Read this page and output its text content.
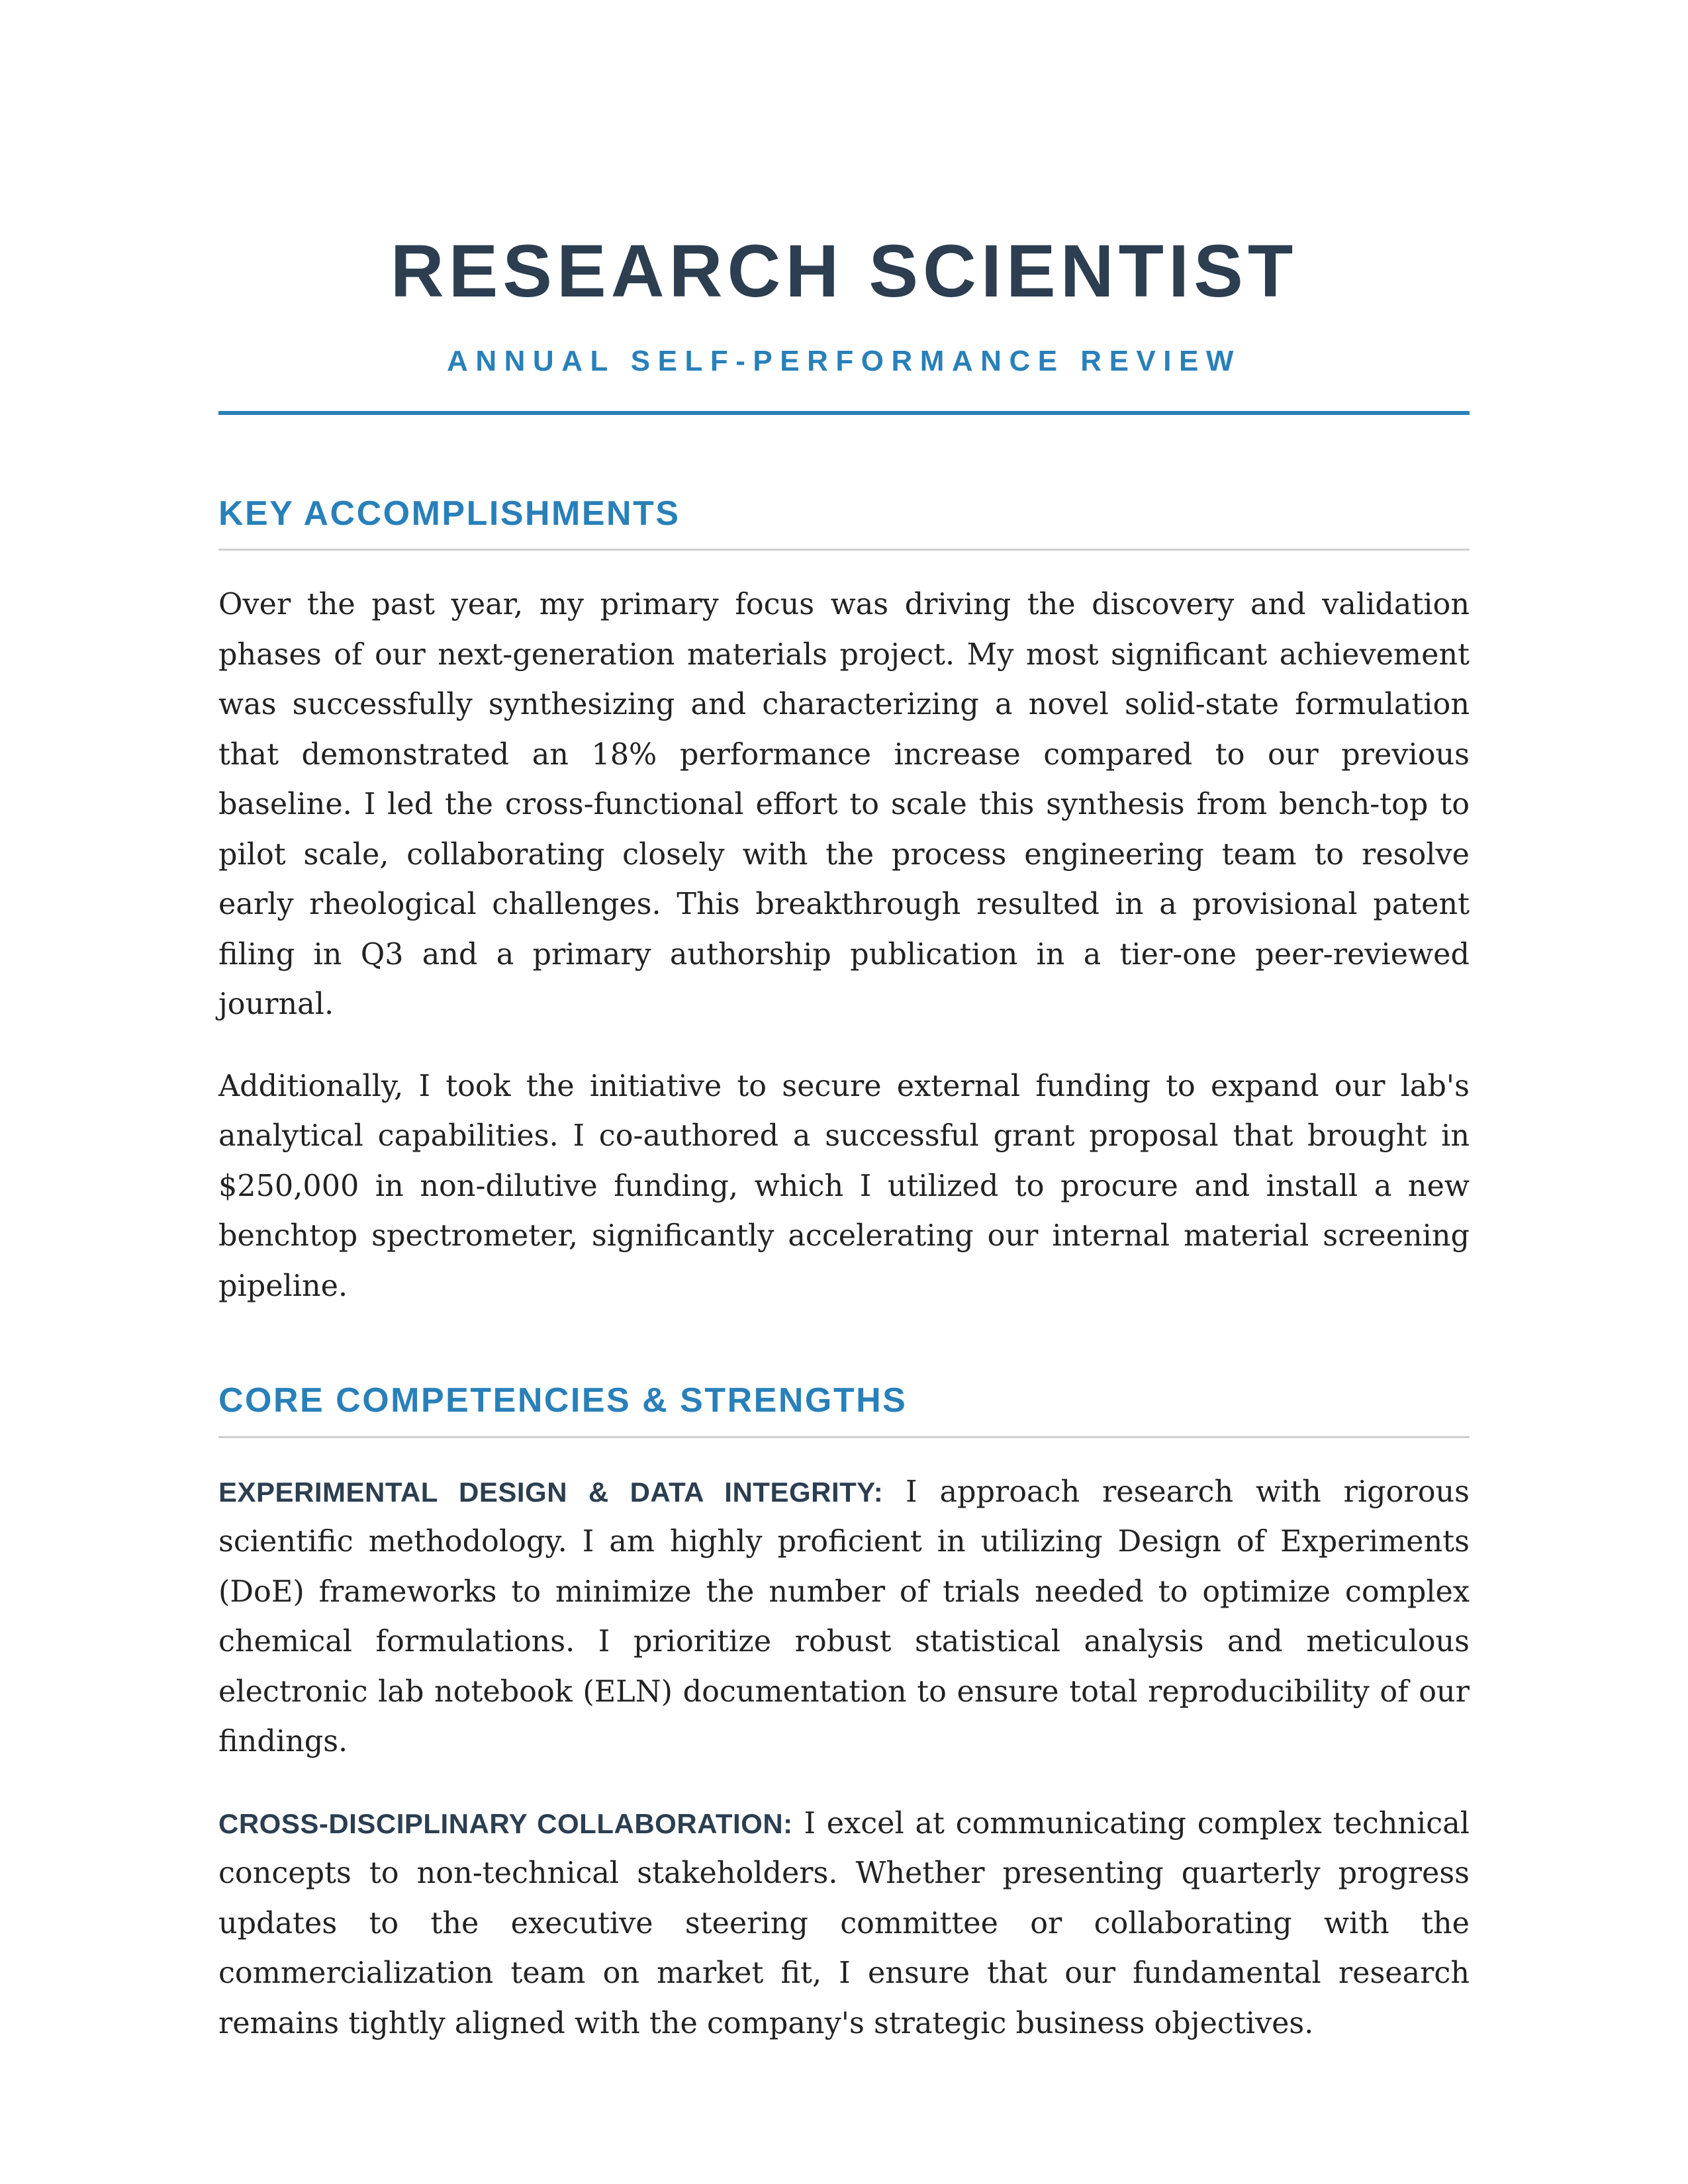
RESEARCH SCIENTIST
ANNUAL SELF-PERFORMANCE REVIEW
KEY ACCOMPLISHMENTS

Over the past year, my primary focus was driving the discovery and validation phases of our next-generation materials project. My most significant achievement was successfully synthesizing and characterizing a novel solid-state formulation that demonstrated an 18% performance increase compared to our previous baseline. I led the cross-functional effort to scale this synthesis from bench-top to pilot scale, collaborating closely with the process engineering team to resolve early rheological challenges. This breakthrough resulted in a provisional patent filing in Q3 and a primary authorship publication in a tier-one peer-reviewed journal.

Additionally, I took the initiative to secure external funding to expand our lab's analytical capabilities. I co-authored a successful grant proposal that brought in $250,000 in non-dilutive funding, which I utilized to procure and install a new benchtop spectrometer, significantly accelerating our internal material screening pipeline.

CORE COMPETENCIES & STRENGTHS

EXPERIMENTAL DESIGN & DATA INTEGRITY: I approach research with rigorous scientific methodology. I am highly proficient in utilizing Design of Experiments (DoE) frameworks to minimize the number of trials needed to optimize complex chemical formulations. I prioritize robust statistical analysis and meticulous electronic lab notebook (ELN) documentation to ensure total reproducibility of our findings.

CROSS-DISCIPLINARY COLLABORATION: I excel at communicating complex technical concepts to non-technical stakeholders. Whether presenting quarterly progress updates to the executive steering committee or collaborating with the commercialization team on market fit, I ensure that our fundamental research remains tightly aligned with the company's strategic business objectives.
